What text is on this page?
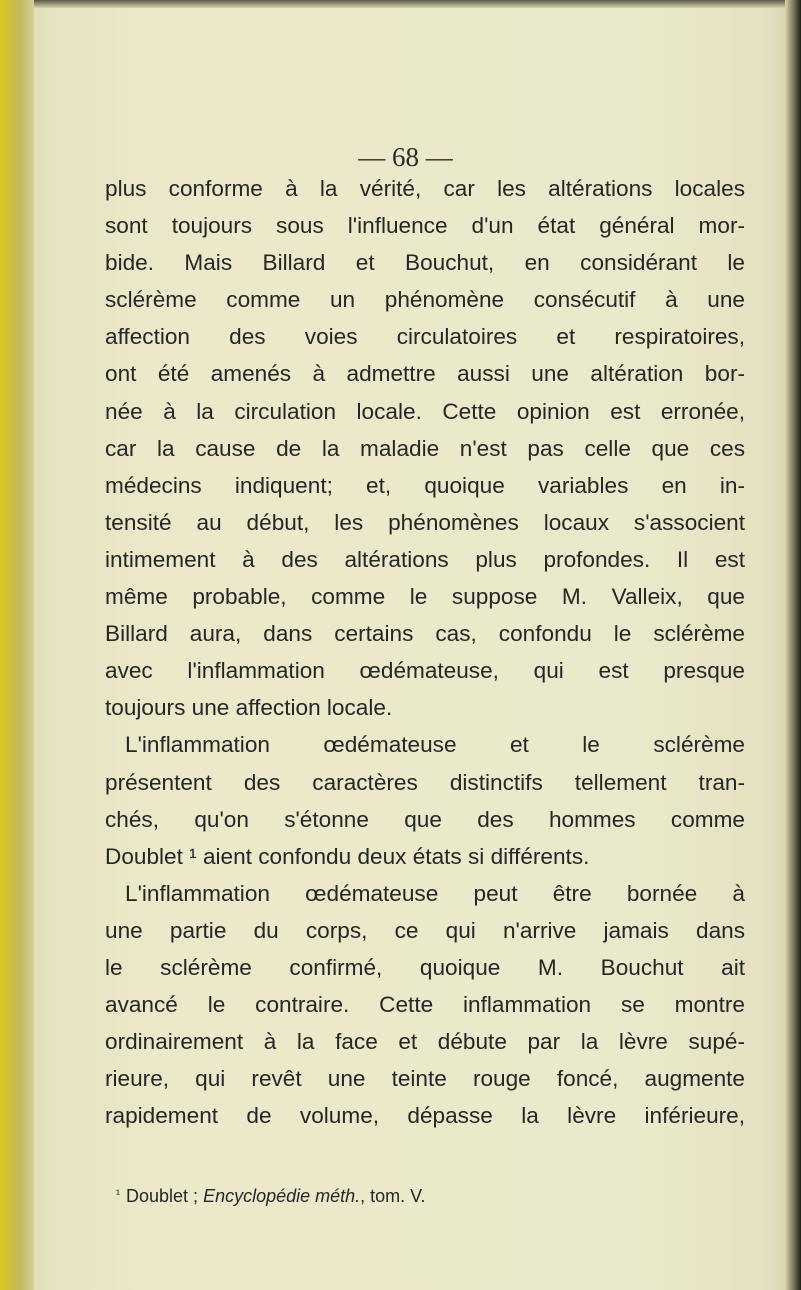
— 68 —
plus conforme à la vérité, car les altérations locales
sont toujours sous l'influence d'un état général mor-
bide. Mais Billard et Bouchut, en considérant le
sclérème comme un phénomène consécutif à une
affection des voies circulatoires et respiratoires,
ont été amenés à admettre aussi une altération bor-
née à la circulation locale. Cette opinion est erronée,
car la cause de la maladie n'est pas celle que ces
médecins indiquent; et, quoique variables en in-
tensité au début, les phénomènes locaux s'associent
intimement à des altérations plus profondes. Il est
même probable, comme le suppose M. Valleix, que
Billard aura, dans certains cas, confondu le sclérème
avec l'inflammation œdémateuse, qui est presque
toujours une affection locale.
L'inflammation œdémateuse et le sclérème
présentent des caractères distinctifs tellement tran-
chés, qu'on s'étonne que des hommes comme
Doublet ¹ aient confondu deux états si différents.
L'inflammation œdémateuse peut être bornée à
une partie du corps, ce qui n'arrive jamais dans
le sclérème confirmé, quoique M. Bouchut ait
avancé le contraire. Cette inflammation se montre
ordinairement à la face et débute par la lèvre supé-
rieure, qui revêt une teinte rouge foncé, augmente
rapidement de volume, dépasse la lèvre inférieure,
$^{^1}$ Doublet ; Encyclopédie méth., tom. V.
